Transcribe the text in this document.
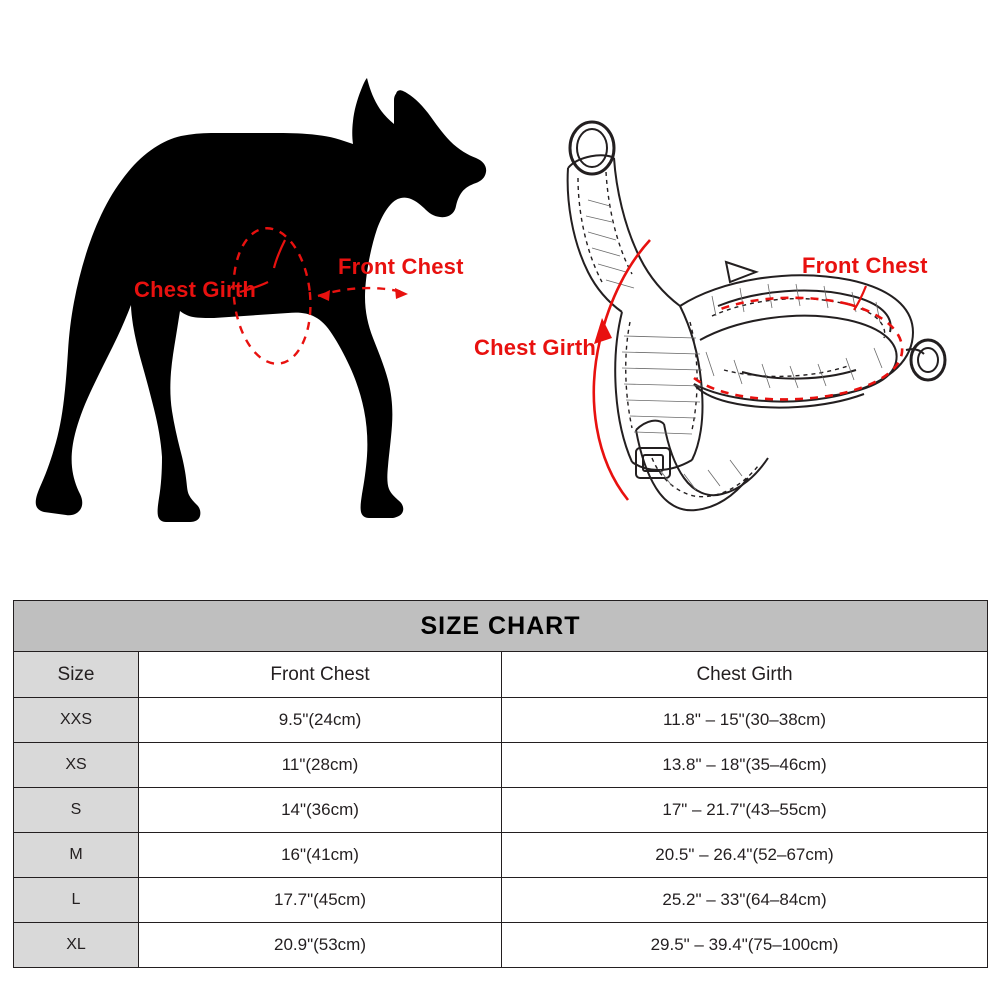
Chest Girth
Front Chest
Chest Girth
Front Chest
SIZE CHART		
Size	Front Chest	Chest Girth
XXS	9.5"(24cm)	11.8" – 15"(30–38cm)
XS	11"(28cm)	13.8" – 18"(35–46cm)
S	14"(36cm)	17" – 21.7"(43–55cm)
M	16"(41cm)	20.5" – 26.4"(52–67cm)
L	17.7"(45cm)	25.2" – 33"(64–84cm)
XL	20.9"(53cm)	29.5" – 39.4"(75–100cm)
